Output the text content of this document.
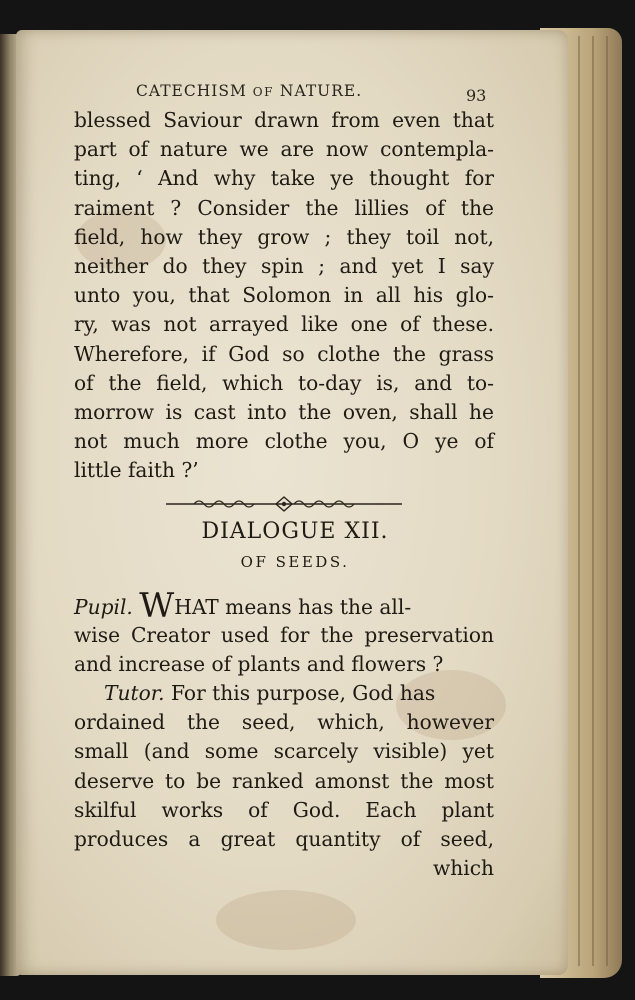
CATECHISM OF NATURE.	93
blessed Saviour drawn from even that
part of nature we are now contempla-
ting, ‘ And why take ye thought for
raiment ? Consider the lillies of the
field, how they grow ; they toil not,
neither do they spin ; and yet I say
unto you, that Solomon in all his glo-
ry, was not arrayed like one of these.
Wherefore, if God so clothe the grass
of the field, which to-day is, and to-
morrow is cast into the oven, shall he
not much more clothe you, O ye of
little faith ?’
DIALOGUE XII.
OF SEEDS.
Pupil. WHAT means has the all-
wise Creator used for the preservation
and increase of plants and flowers ?
Tutor. For this purpose, God has
ordained the seed, which, however
small (and some scarcely visible) yet
deserve to be ranked amonst the most
skilful works of God. Each plant
produces a great quantity of seed,
which
